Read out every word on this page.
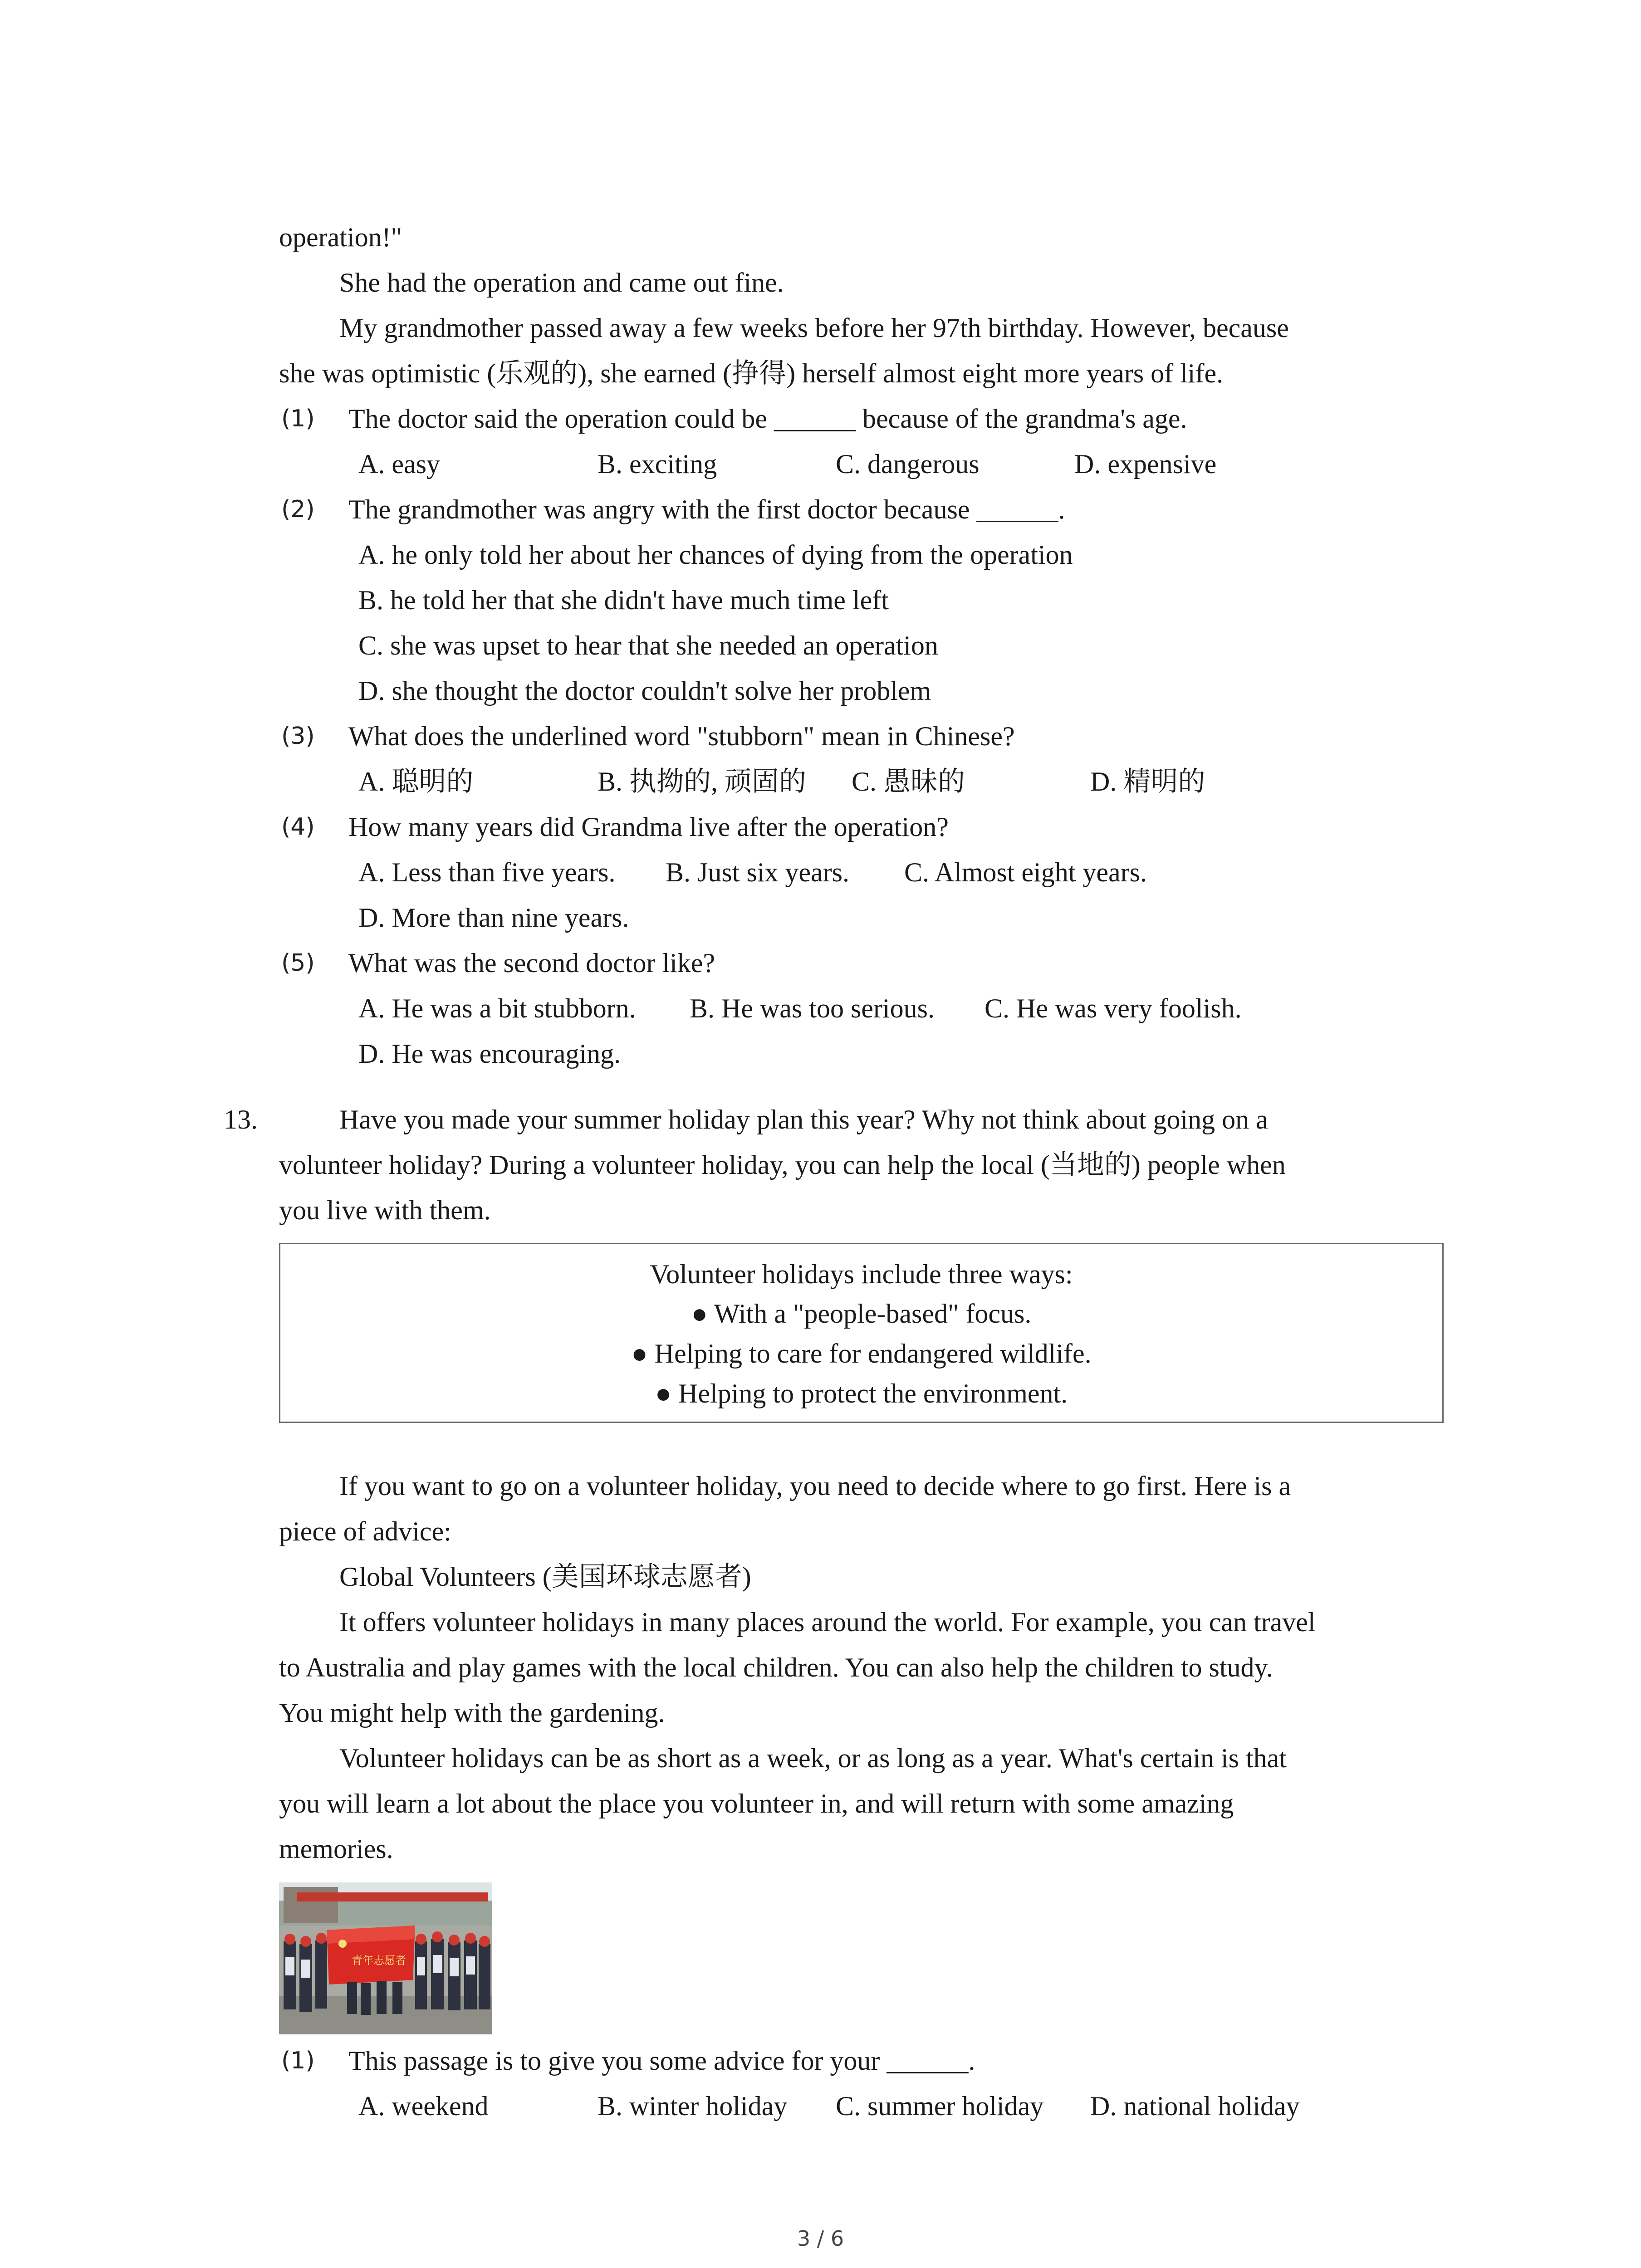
operation!"
She had the operation and came out fine.
My grandmother passed away a few weeks before her 97th birthday. However, because
she was optimistic (乐观的), she earned (挣得) herself almost eight more years of life.
(1) The doctor said the operation could be ______ because of the grandma's age.
A. easy	B. exciting	C. dangerous	D. expensive
(2) The grandmother was angry with the first doctor because ______.
A. he only told her about her chances of dying from the operation
B. he told her that she didn't have much time left
C. she was upset to hear that she needed an operation
D. she thought the doctor couldn't solve her problem
(3) What does the underlined word "stubborn" mean in Chinese?
A. 聪明的	B. 执拗的, 顽固的 C. 愚昧的	D. 精明的
(4) How many years did Grandma live after the operation?
A. Less than five years. B. Just six years. C. Almost eight years.
D. More than nine years.
(5) What was the second doctor like?
A. He was a bit stubborn. B. He was too serious. C. He was very foolish.
D. He was encouraging.
13.	Have you made your summer holiday plan this year? Why not think about going on a
volunteer holiday? During a volunteer holiday, you can help the local (当地的) people when
you live with them.
Volunteer holidays include three ways:
● With a "people-based" focus.
● Helping to care for endangered wildlife.
● Helping to protect the environment.
If you want to go on a volunteer holiday, you need to decide where to go first. Here is a
piece of advice:
Global Volunteers (美国环球志愿者)
It offers volunteer holidays in many places around the world. For example, you can travel
to Australia and play games with the local children. You can also help the children to study.
You might help with the gardening.
Volunteer holidays can be as short as a week, or as long as a year. What's certain is that
you will learn a lot about the place you volunteer in, and will return with some amazing
memories.
青年志愿者
(1) This passage is to give you some advice for your ______.
A. weekend	B. winter holiday C. summer holiday D. national holiday
3 / 6
